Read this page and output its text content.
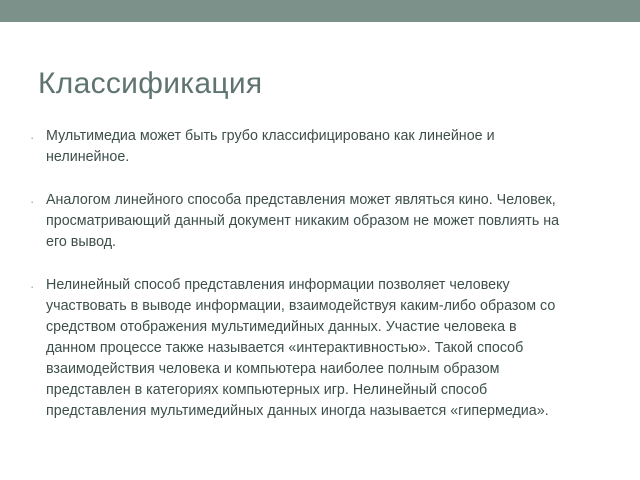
Классификация
· Мультимедиа может быть грубо классифицировано как линейное и нелинейное.
· Аналогом линейного способа представления может являться кино. Человек, просматривающий данный документ никаким образом не может повлиять на его вывод.
· Нелинейный способ представления информации позволяет человеку участвовать в выводе информации, взаимодействуя каким-либо образом со средством отображения мультимедийных данных. Участие человека в данном процессе также называется «интерактивностью». Такой способ взаимодействия человека и компьютера наиболее полным образом представлен в категориях компьютерных игр. Нелинейный способ представления мультимедийных данных иногда называется «гипермедиа».
